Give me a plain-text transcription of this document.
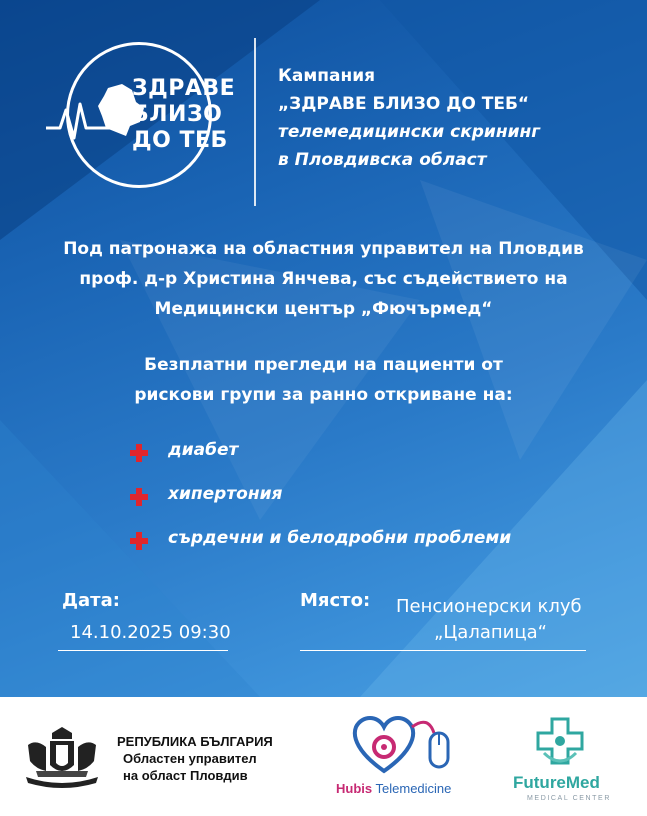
ЗДРАВЕ
БЛИЗО
ДО ТЕБ
Кампания
„ЗДРАВЕ БЛИЗО ДО ТЕБ“
телемедицински скрининг
в Пловдивска област
Под патронажа на областния управител на Пловдив
проф. д-р Христина Янчева, със съдействието на
Медицински център „Фючърмед“
Безплатни прегледи на пациенти от
рискови групи за ранно откриване на:
диабет
хипертония
сърдечни и белодробни проблеми
Дата:
14.10.2025 09:30
Място: Пенсионерски клуб
„Цалапица“
РЕПУБЛИКА БЪЛГАРИЯ
Областен управител
на област Пловдив
Hubis Telemedicine	FutureMed
MEDICAL CENTER
